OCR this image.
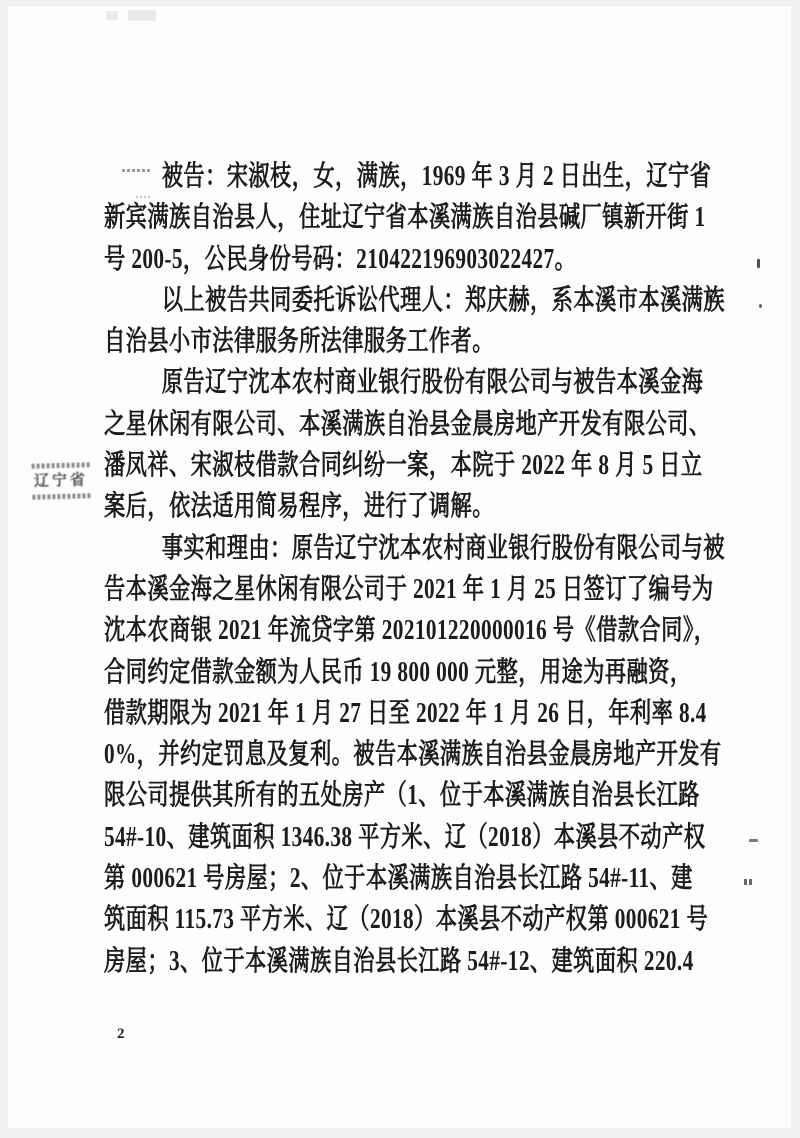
辽宁省
被告：宋淑枝，女，满族，1969 年 3 月 2 日出生，辽宁省
新宾满族自治县人，住址辽宁省本溪满族自治县碱厂镇新开街 1
号 200-5，公民身份号码：210422196903022427。
以上被告共同委托诉讼代理人：郑庆赫，系本溪市本溪满族
自治县小市法律服务所法律服务工作者。
原告辽宁沈本农村商业银行股份有限公司与被告本溪金海
之星休闲有限公司、本溪满族自治县金晨房地产开发有限公司、
潘凤祥、宋淑枝借款合同纠纷一案，本院于 2022 年 8 月 5 日立
案后，依法适用简易程序，进行了调解。
事实和理由：原告辽宁沈本农村商业银行股份有限公司与被
告本溪金海之星休闲有限公司于 2021 年 1 月 25 日签订了编号为
沈本农商银 2021 年流贷字第 202101220000016 号《借款合同》，
合同约定借款金额为人民币 19 800 000 元整，用途为再融资，
借款期限为 2021 年 1 月 27 日至 2022 年 1 月 26 日，年利率 8.4
0%，并约定罚息及复利。被告本溪满族自治县金晨房地产开发有
限公司提供其所有的五处房产（1、位于本溪满族自治县长江路
54#-10、建筑面积 1346.38 平方米、辽（2018）本溪县不动产权
第 000621 号房屋；2、位于本溪满族自治县长江路 54#-11、建
筑面积 115.73 平方米、辽（2018）本溪县不动产权第 000621 号
房屋；3、位于本溪满族自治县长江路 54#-12、建筑面积 220.4
2
